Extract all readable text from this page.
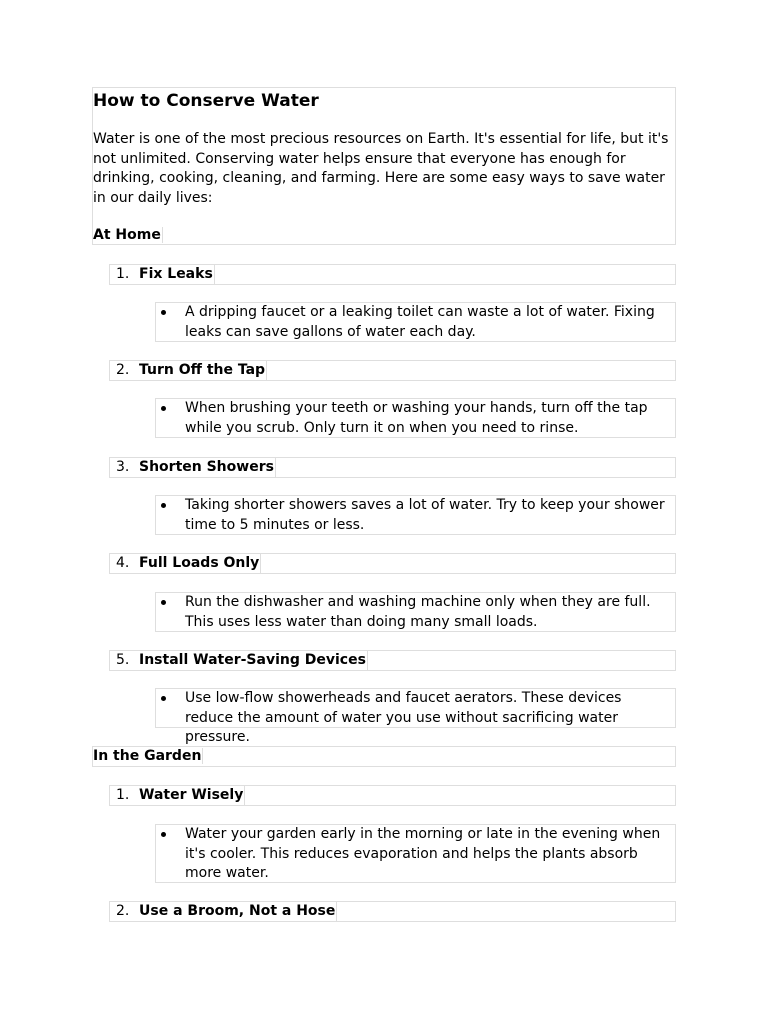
How to Conserve Water

Water is one of the most precious resources on Earth. It's essential for life, but it's not unlimited. Conserving water helps ensure that everyone has enough for drinking, cooking, cleaning, and farming. Here are some easy ways to save water in our daily lives:

At Home
1. Fix Leaks
A dripping faucet or a leaking toilet can waste a lot of water. Fixing leaks can save gallons of water each day.
2. Turn Off the Tap
When brushing your teeth or washing your hands, turn off the tap while you scrub. Only turn it on when you need to rinse.
3. Shorten Showers
Taking shorter showers saves a lot of water. Try to keep your shower time to 5 minutes or less.
4. Full Loads Only
Run the dishwasher and washing machine only when they are full. This uses less water than doing many small loads.
5. Install Water-Saving Devices
Use low-flow showerheads and faucet aerators. These devices reduce the amount of water you use without sacrificing water pressure.
In the Garden
1. Water Wisely
Water your garden early in the morning or late in the evening when it's cooler. This reduces evaporation and helps the plants absorb more water.
2. Use a Broom, Not a Hose
